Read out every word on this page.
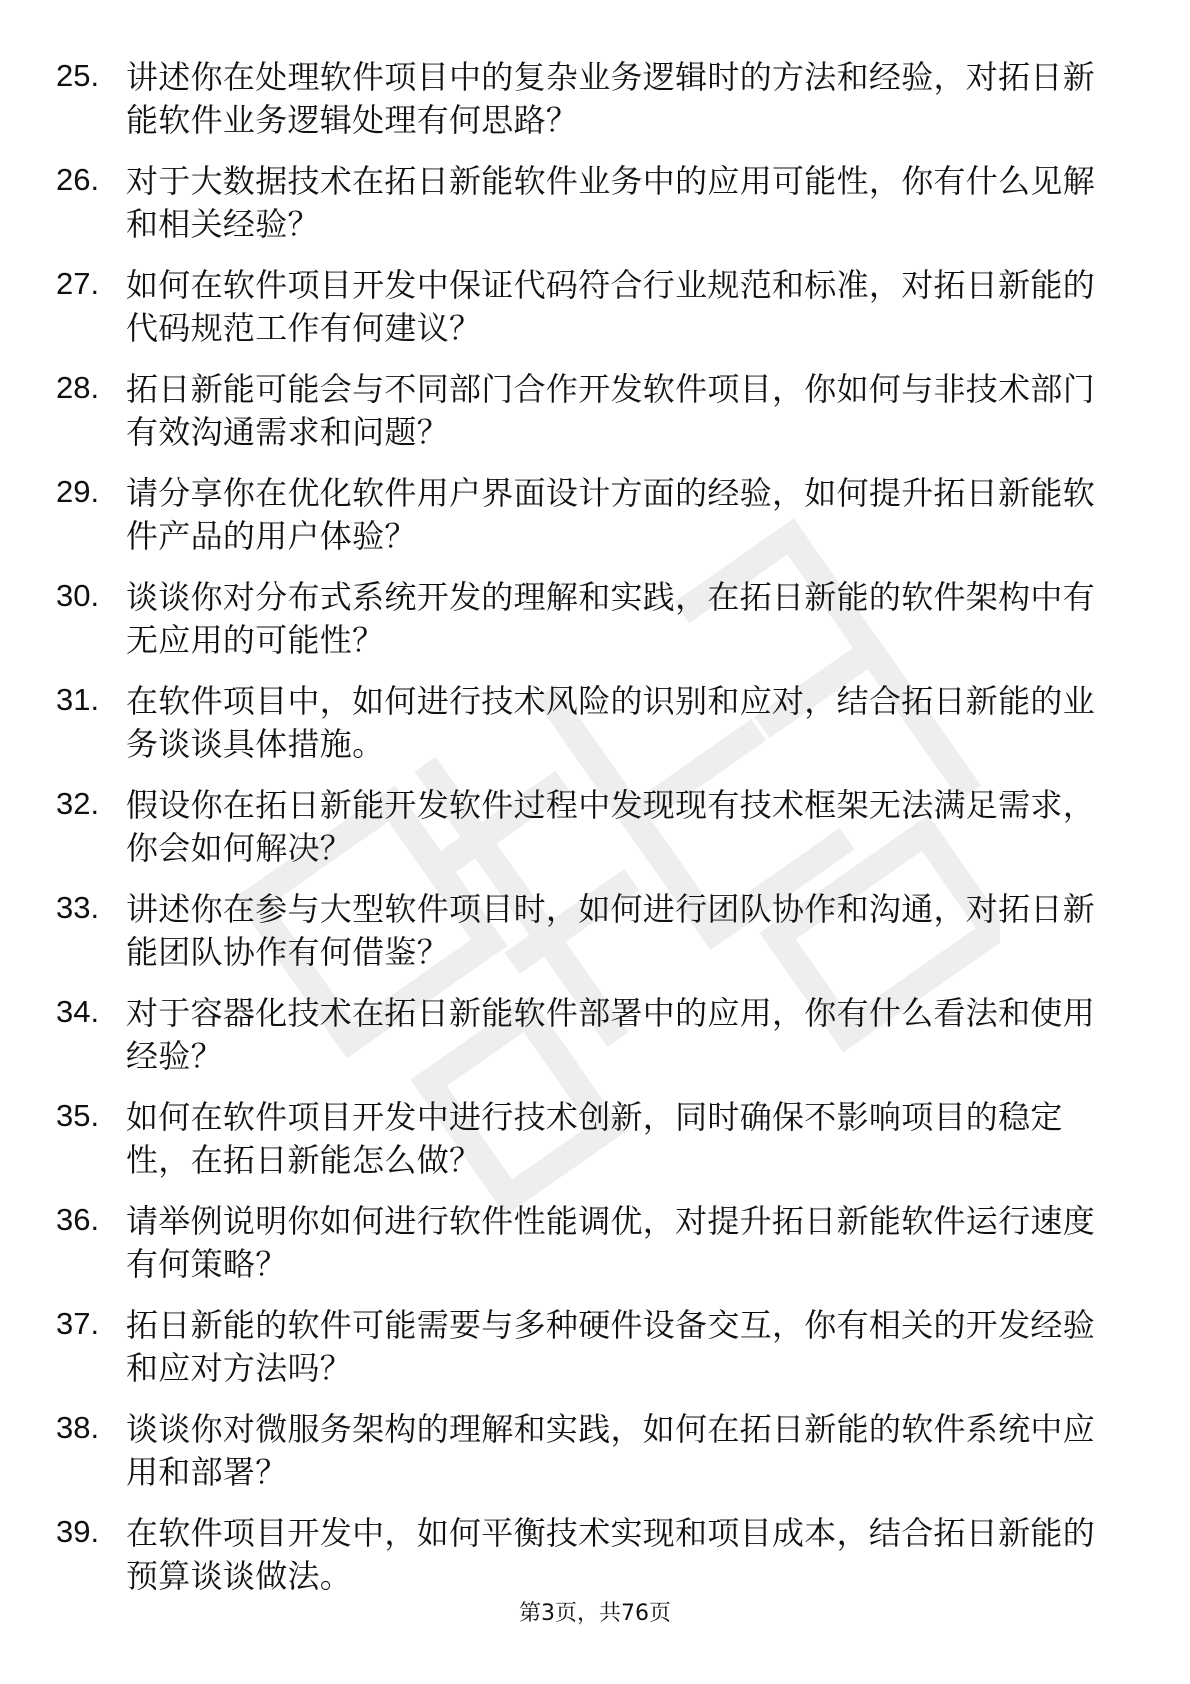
25. 讲述你在处理软件项目中的复杂业务逻辑时的方法和经验，对拓日新能软件业务逻辑处理有何思路？
26. 对于大数据技术在拓日新能软件业务中的应用可能性，你有什么见解和相关经验？
27. 如何在软件项目开发中保证代码符合行业规范和标准，对拓日新能的代码规范工作有何建议？
28. 拓日新能可能会与不同部门合作开发软件项目，你如何与非技术部门有效沟通需求和问题？
29. 请分享你在优化软件用户界面设计方面的经验，如何提升拓日新能软件产品的用户体验？
30. 谈谈你对分布式系统开发的理解和实践，在拓日新能的软件架构中有无应用的可能性？
31. 在软件项目中，如何进行技术风险的识别和应对，结合拓日新能的业务谈谈具体措施。
32. 假设你在拓日新能开发软件过程中发现现有技术框架无法满足需求，你会如何解决？
33. 讲述你在参与大型软件项目时，如何进行团队协作和沟通，对拓日新能团队协作有何借鉴？
34. 对于容器化技术在拓日新能软件部署中的应用，你有什么看法和使用经验？
35. 如何在软件项目开发中进行技术创新，同时确保不影响项目的稳定性，在拓日新能怎么做？
36. 请举例说明你如何进行软件性能调优，对提升拓日新能软件运行速度有何策略？
37. 拓日新能的软件可能需要与多种硬件设备交互，你有相关的开发经验和应对方法吗？
38. 谈谈你对微服务架构的理解和实践，如何在拓日新能的软件系统中应用和部署？
39. 在软件项目开发中，如何平衡技术实现和项目成本，结合拓日新能的预算谈谈做法。
第3页，共76页
